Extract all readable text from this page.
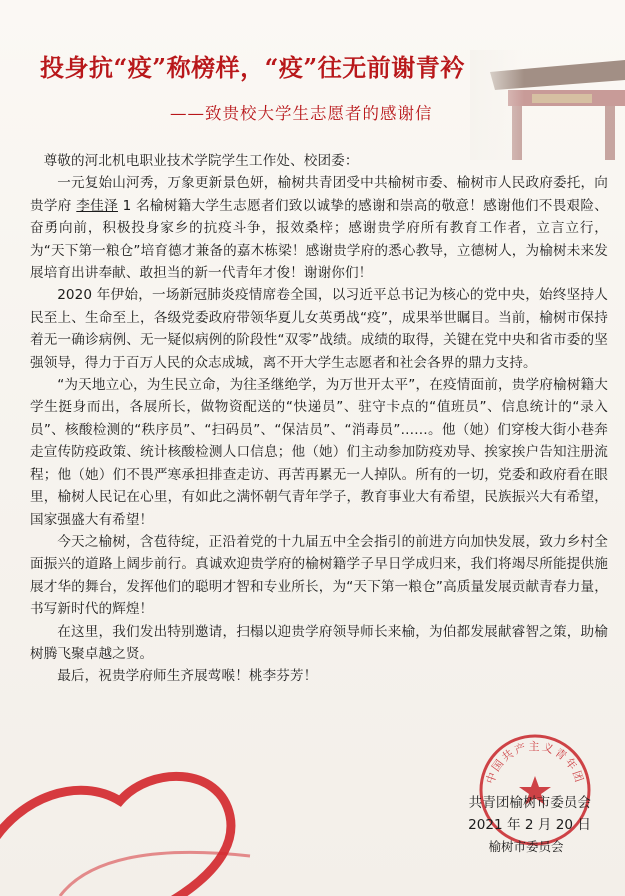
投身抗“疫”称榜样，“疫”往无前谢青衿
——致贵校大学生志愿者的感谢信

尊敬的河北机电职业技术学院学生工作处、校团委：

一元复始山河秀，万象更新景色妍，榆树共青团受中共榆树市委、榆树市人民政府委托，向贵学府 李佳泽 1 名榆树籍大学生志愿者们致以诚挚的感谢和崇高的敬意！感谢他们不畏艰险、奋勇向前，积极投身家乡的抗疫斗争，报效桑梓；感谢贵学府所有教育工作者，立言立行，为“天下第一粮仓”培育德才兼备的嘉木栋梁！感谢贵学府的悉心教导，立德树人，为榆树未来发展培育出讲奉献、敢担当的新一代青年才俊！谢谢你们！

2020 年伊始，一场新冠肺炎疫情席卷全国，以习近平总书记为核心的党中央，始终坚持人民至上、生命至上，各级党委政府带领华夏儿女英勇战“疫”，成果举世瞩目。当前，榆树市保持着无一确诊病例、无一疑似病例的阶段性“双零”战绩。成绩的取得，关键在党中央和省市委的坚强领导，得力于百万人民的众志成城，离不开大学生志愿者和社会各界的鼎力支持。

“为天地立心，为生民立命，为往圣继绝学，为万世开太平”，在疫情面前，贵学府榆树籍大学生挺身而出，各展所长，做物资配送的“快递员”、驻守卡点的“值班员”、信息统计的“录入员”、核酸检测的“秩序员”、“扫码员”、“保洁员”、“消毒员”……。他（她）们穿梭大街小巷奔走宣传防疫政策、统计核酸检测人口信息；他（她）们主动参加防疫劝导、挨家挨户告知注册流程；他（她）们不畏严寒承担排查走访、再苦再累无一人掉队。所有的一切，党委和政府看在眼里，榆树人民记在心里，有如此之满怀朝气青年学子，教育事业大有希望，民族振兴大有希望，国家强盛大有希望！

今天之榆树，含苞待绽，正沿着党的十九届五中全会指引的前进方向加快发展，致力乡村全面振兴的道路上阔步前行。真诚欢迎贵学府的榆树籍学子早日学成归来，我们将竭尽所能提供施展才华的舞台，发挥他们的聪明才智和专业所长，为“天下第一粮仓”高质量发展贡献青春力量，书写新时代的辉煌！

在这里，我们发出特别邀请，扫榻以迎贵学府领导师长来榆，为伯都发展献睿智之策，助榆树腾飞聚卓越之贤。

最后，祝贵学府师生齐展莺喉！桃李芬芳！

中国共产主义青年团
共青团榆树市委员会
2021 年 2 月 20 日
榆树市委员会
